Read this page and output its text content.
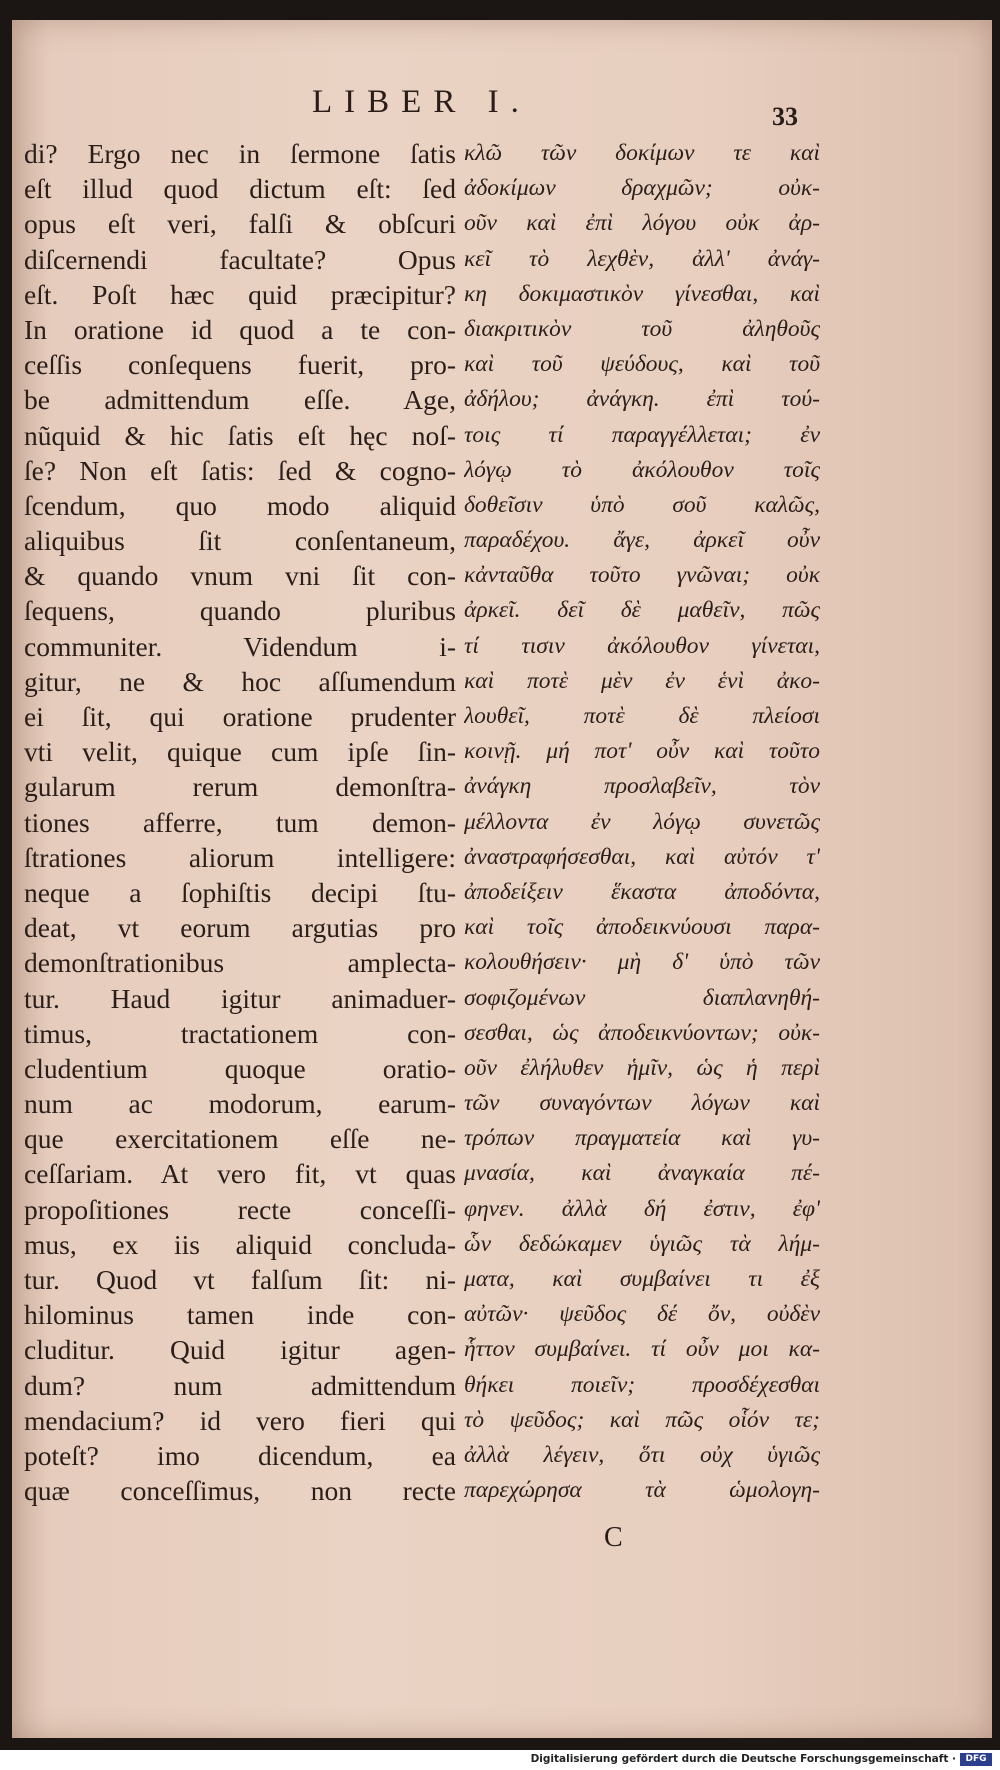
LIBER I.	33
di? Ergo nec in ſermone ſatis
eſt illud quod dictum eſt: ſed
opus eſt veri, falſi & obſcuri
diſcernendi facultate? Opus
eſt. Poſt hæc quid præcipitur?
In oratione id quod a te con-
ceſſis conſequens fuerit, pro-
be admittendum eſſe. Age,
nũquid & hic ſatis eſt hęc noſ-
ſe? Non eſt ſatis: ſed & cogno-
ſcendum, quo modo aliquid
aliquibus ſit conſentaneum,
& quando vnum vni ſit con-
ſequens, quando pluribus
communiter. Videndum i-
gitur, ne & hoc aſſumendum
ei ſit, qui oratione prudenter
vti velit, quique cum ipſe ſin-
gularum rerum demonſtra-
tiones afferre, tum demon-
ſtrationes aliorum intelligere:
neque a ſophiſtis decipi ſtu-
deat, vt eorum argutias pro
demonſtrationibus amplecta-
tur. Haud igitur animaduer-
timus, tractationem con-
cludentium quoque oratio-
num ac modorum, earum-
que exercitationem eſſe ne-
ceſſariam. At vero fit, vt quas
propoſitiones recte conceſſi-
mus, ex iis aliquid concluda-
tur. Quod vt falſum ſit: ni-
hilominus tamen inde con-
cluditur. Quid igitur agen-
dum? num admittendum
mendacium? id vero fieri qui
poteſt? imo dicendum, ea
quæ conceſſimus, non recte
κλῶ τῶν δοκίμων τε καὶ
ἀδοκίμων δραχμῶν; οὐκ-
οῦν καὶ ἐπὶ λόγου οὐκ ἀρ-
κεῖ τὸ λεχθὲν, ἀλλ' ἀνάγ-
κη δοκιμαστικὸν γίνεσθαι, καὶ
διακριτικὸν τοῦ ἀληθοῦς
καὶ τοῦ ψεύδους, καὶ τοῦ
ἀδήλου; ἀνάγκη. ἐπὶ τού-
τοις τί παραγγέλλεται; ἐν
λόγῳ τὸ ἀκόλουθον τοῖς
δοθεῖσιν ὑπὸ σοῦ καλῶς,
παραδέχου. ἄγε, ἀρκεῖ οὖν
κἀνταῦθα τοῦτο γνῶναι; οὐκ
ἀρκεῖ. δεῖ δὲ μαθεῖν, πῶς
τί τισιν ἀκόλουθον γίνεται,
καὶ ποτὲ μὲν ἐν ἑνὶ ἀκο-
λουθεῖ, ποτὲ δὲ πλείοσι
κοινῇ. μή ποτ' οὖν καὶ τοῦτο
ἀνάγκη προσλαβεῖν, τὸν
μέλλοντα ἐν λόγῳ συνετῶς
ἀναστραφήσεσθαι, καὶ αὐτόν τ'
ἀποδείξειν ἕκαστα ἀποδόντα,
καὶ τοῖς ἀποδεικνύουσι παρα-
κολουθήσειν· μὴ δ' ὑπὸ τῶν
σοφιζομένων διαπλανηθή-
σεσθαι, ὡς ἀποδεικνύοντων; οὐκ-
οῦν ἐλήλυθεν ἡμῖν, ὡς ἡ περὶ
τῶν συναγόντων λόγων καὶ
τρόπων πραγματεία καὶ γυ-
μνασία, καὶ ἀναγκαία πέ-
φηνεν. ἀλλὰ δή ἐστιν, ἐφ'
ὧν δεδώκαμεν ὑγιῶς τὰ λήμ-
ματα, καὶ συμβαίνει τι ἐξ
αὐτῶν· ψεῦδος δέ ὄν, οὐδὲν
ἧττον συμβαίνει. τί οὖν μοι κα-
θήκει ποιεῖν; προσδέχεσθαι
τὸ ψεῦδος; καὶ πῶς οἷόν τε;
ἀλλὰ λέγειν, ὅτι οὐχ ὑγιῶς
παρεχώρησα τὰ ὡμολογη-
C
Digitalisierung gefördert durch die Deutsche Forschungsgemeinschaft ·	DFG
